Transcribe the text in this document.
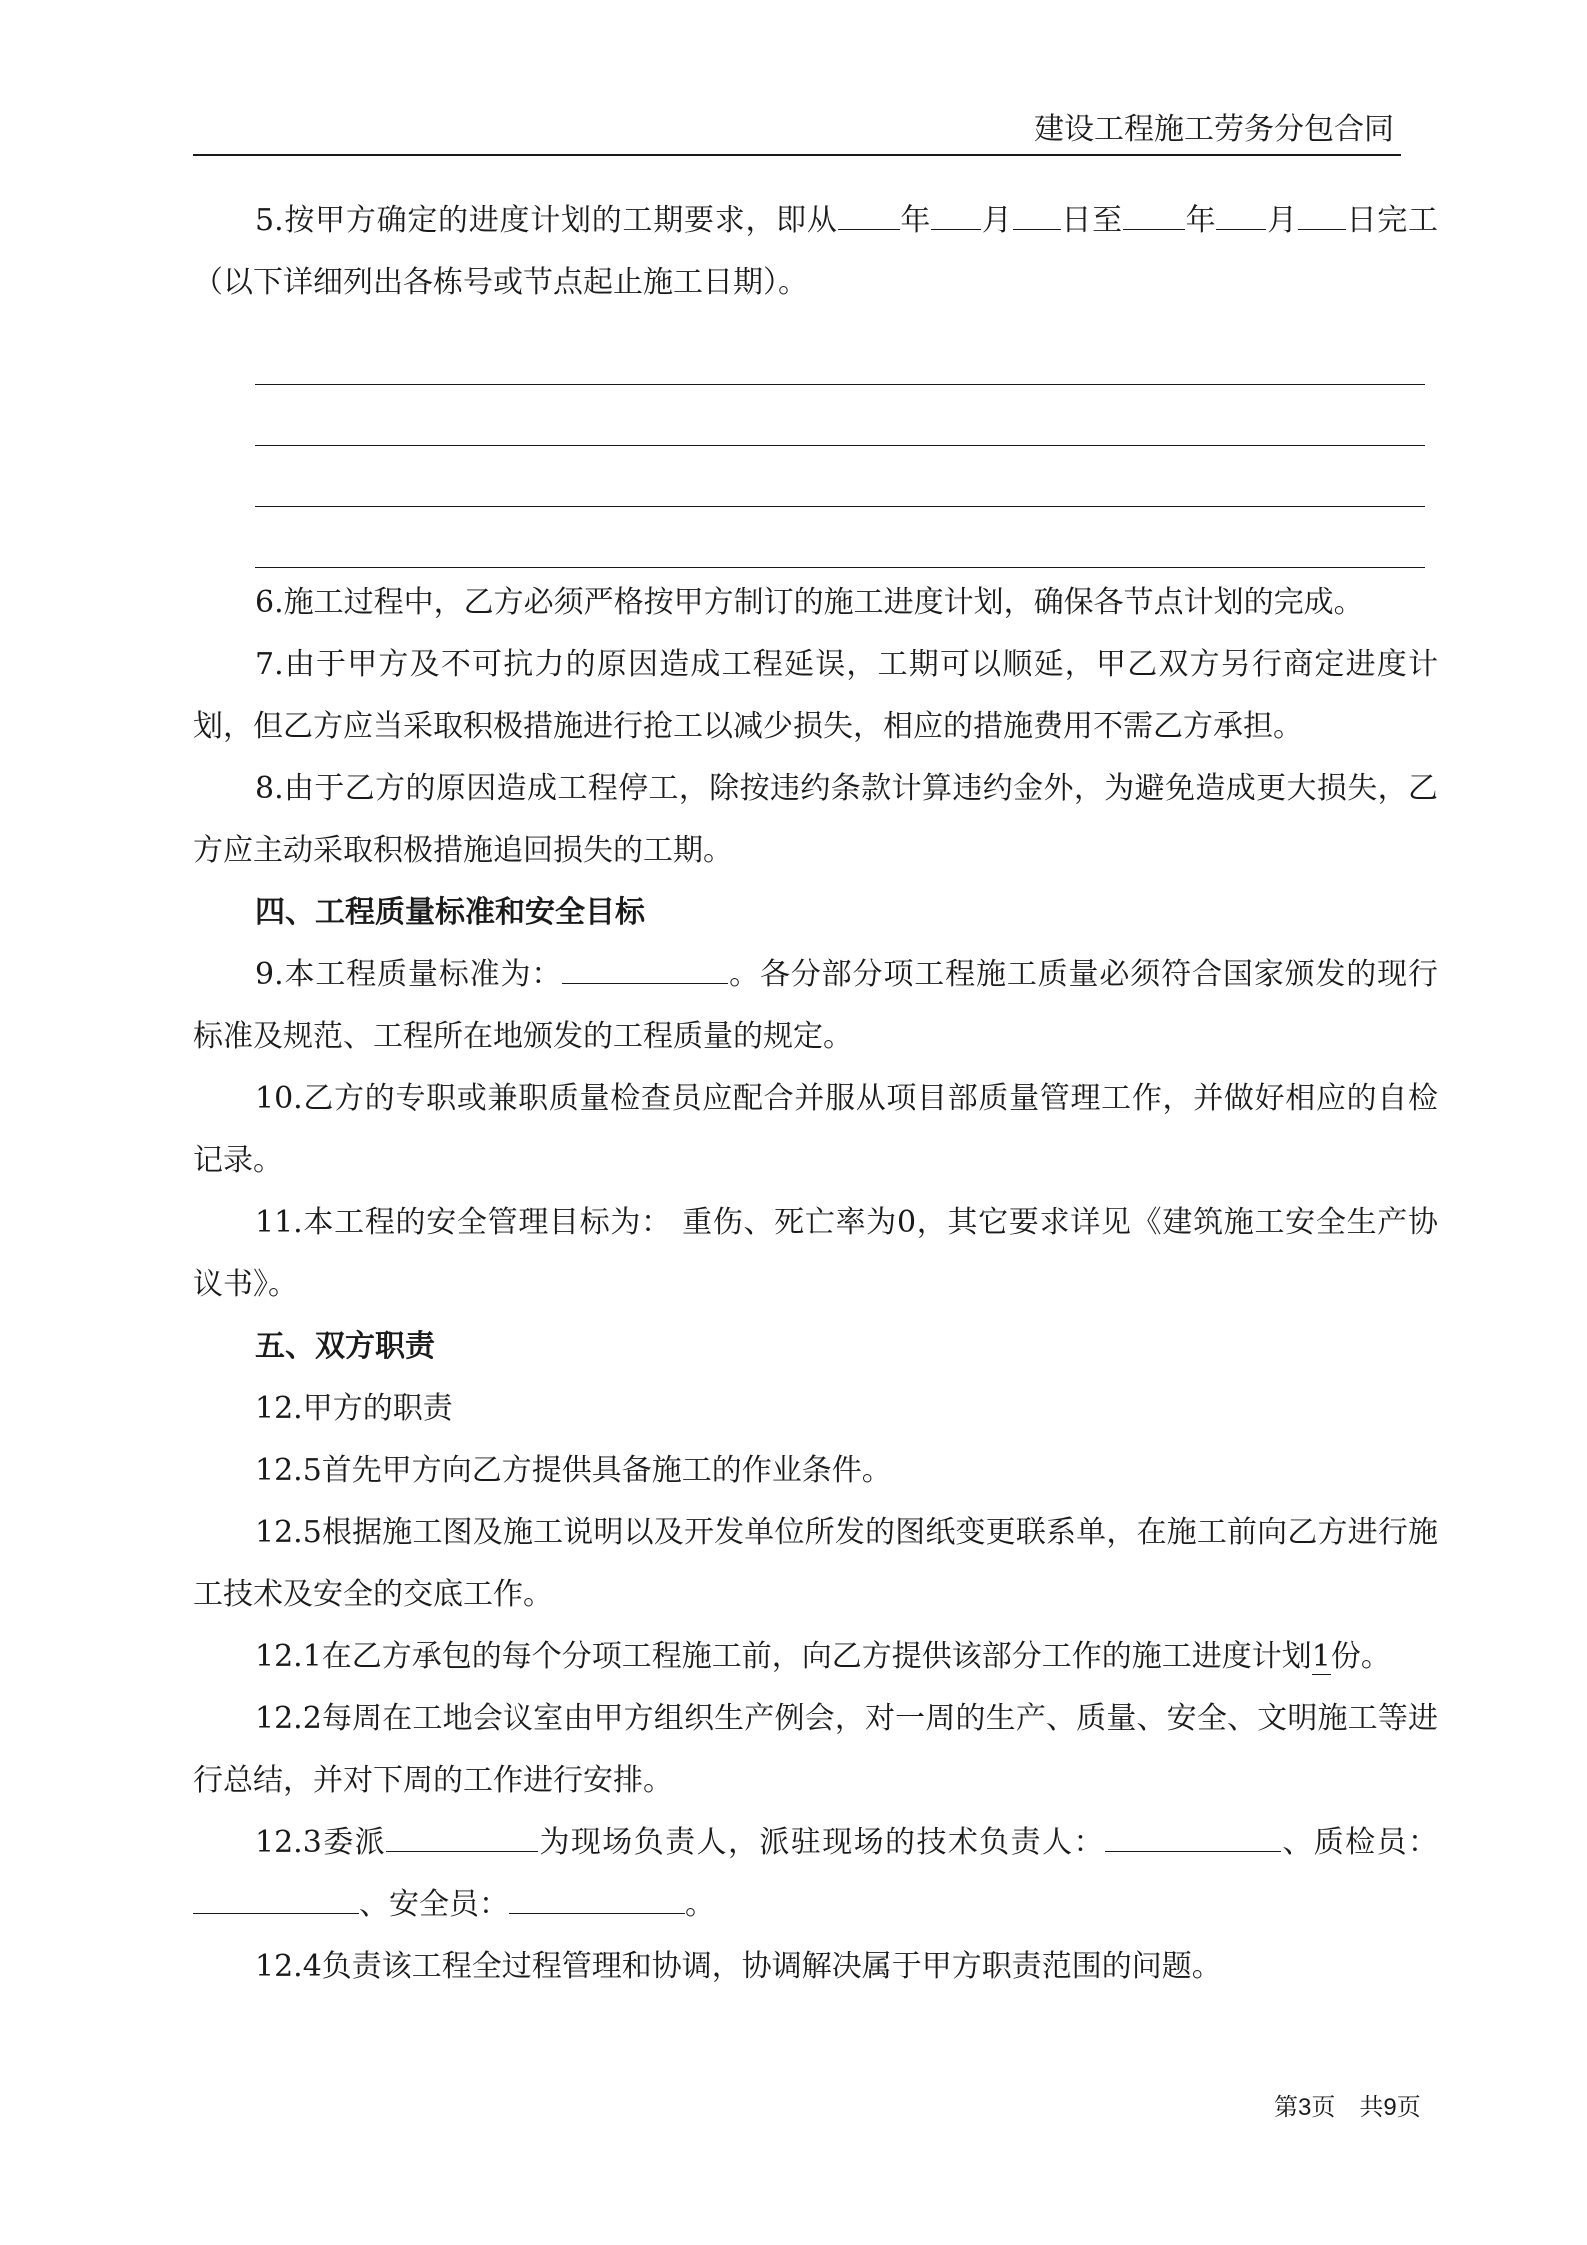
建设工程施工劳务分包合同

5.按甲方确定的进度计划的工期要求，即从 年 月 日至 年 月 日完工（以下详细列出各栋号或节点起止施工日期）。

6.施工过程中，乙方必须严格按甲方制订的施工进度计划，确保各节点计划的完成。

7.由于甲方及不可抗力的原因造成工程延误，工期可以顺延，甲乙双方另行商定进度计划，但乙方应当采取积极措施进行抢工以减少损失，相应的措施费用不需乙方承担。

8.由于乙方的原因造成工程停工，除按违约条款计算违约金外，为避免造成更大损失，乙方应主动采取积极措施追回损失的工期。

四、工程质量标准和安全目标

9.本工程质量标准为：	。各分部分项工程施工质量必须符合国家颁发的现行标准及规范、工程所在地颁发的工程质量的规定。

10.乙方的专职或兼职质量检查员应配合并服从项目部质量管理工作，并做好相应的自检记录。

11.本工程的安全管理目标为： 重伤、死亡率为0，其它要求详见《建筑施工安全生产协议书》。

五、双方职责

12.甲方的职责

12.5首先甲方向乙方提供具备施工的作业条件。

12.5根据施工图及施工说明以及开发单位所发的图纸变更联系单，在施工前向乙方进行施工技术及安全的交底工作。

12.1在乙方承包的每个分项工程施工前，向乙方提供该部分工作的施工进度计划1份。

12.2每周在工地会议室由甲方组织生产例会，对一周的生产、质量、安全、文明施工等进行总结，并对下周的工作进行安排。

12.3委派	为现场负责人，派驻现场的技术负责人：	、质检员：、安全员：	。

12.4负责该工程全过程管理和协调，协调解决属于甲方职责范围的问题。

第3页 共9页
